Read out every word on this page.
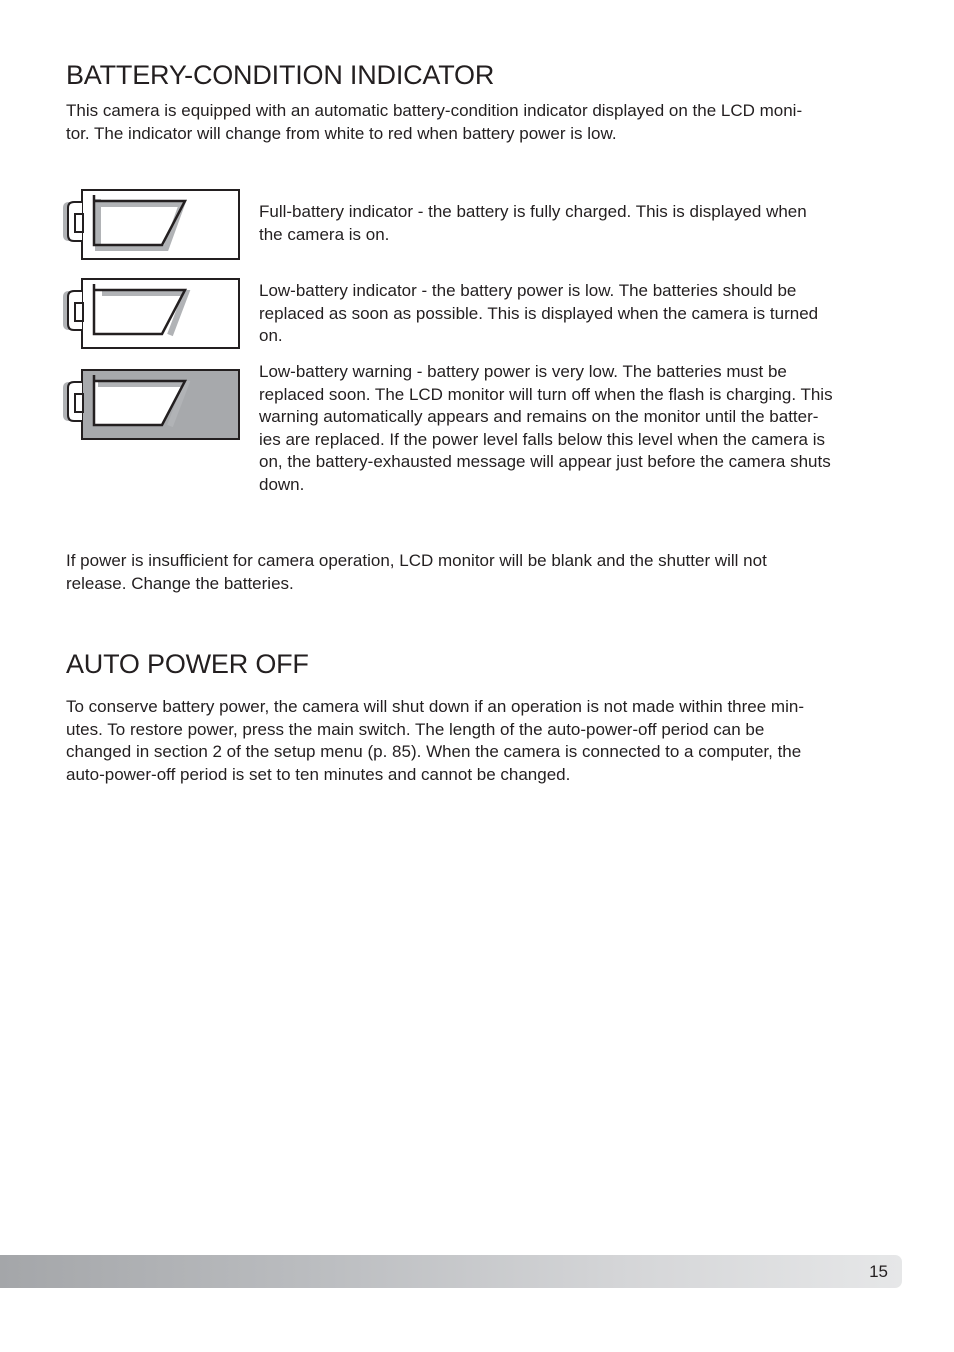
BATTERY-CONDITION INDICATOR

This camera is equipped with an automatic battery-condition indicator displayed on the LCD moni-
tor. The indicator will change from white to red when battery power is low.

Full-battery indicator - the battery is fully charged. This is displayed when
the camera is on.

Low-battery indicator - the battery power is low. The batteries should be
replaced as soon as possible. This is displayed when the camera is turned
on.

Low-battery warning - battery power is very low. The batteries must be
replaced soon. The LCD monitor will turn off when the flash is charging. This
warning automatically appears and remains on the monitor until the batter-
ies are replaced. If the power level falls below this level when the camera is
on, the battery-exhausted message will appear just before the camera shuts
down.

If power is insufficient for camera operation, LCD monitor will be blank and the shutter will not
release. Change the batteries.

AUTO POWER OFF

To conserve battery power, the camera will shut down if an operation is not made within three min-
utes. To restore power, press the main switch. The length of the auto-power-off period can be
changed in section 2 of the setup menu (p. 85). When the camera is connected to a computer, the
auto-power-off period is set to ten minutes and cannot be changed.

15
